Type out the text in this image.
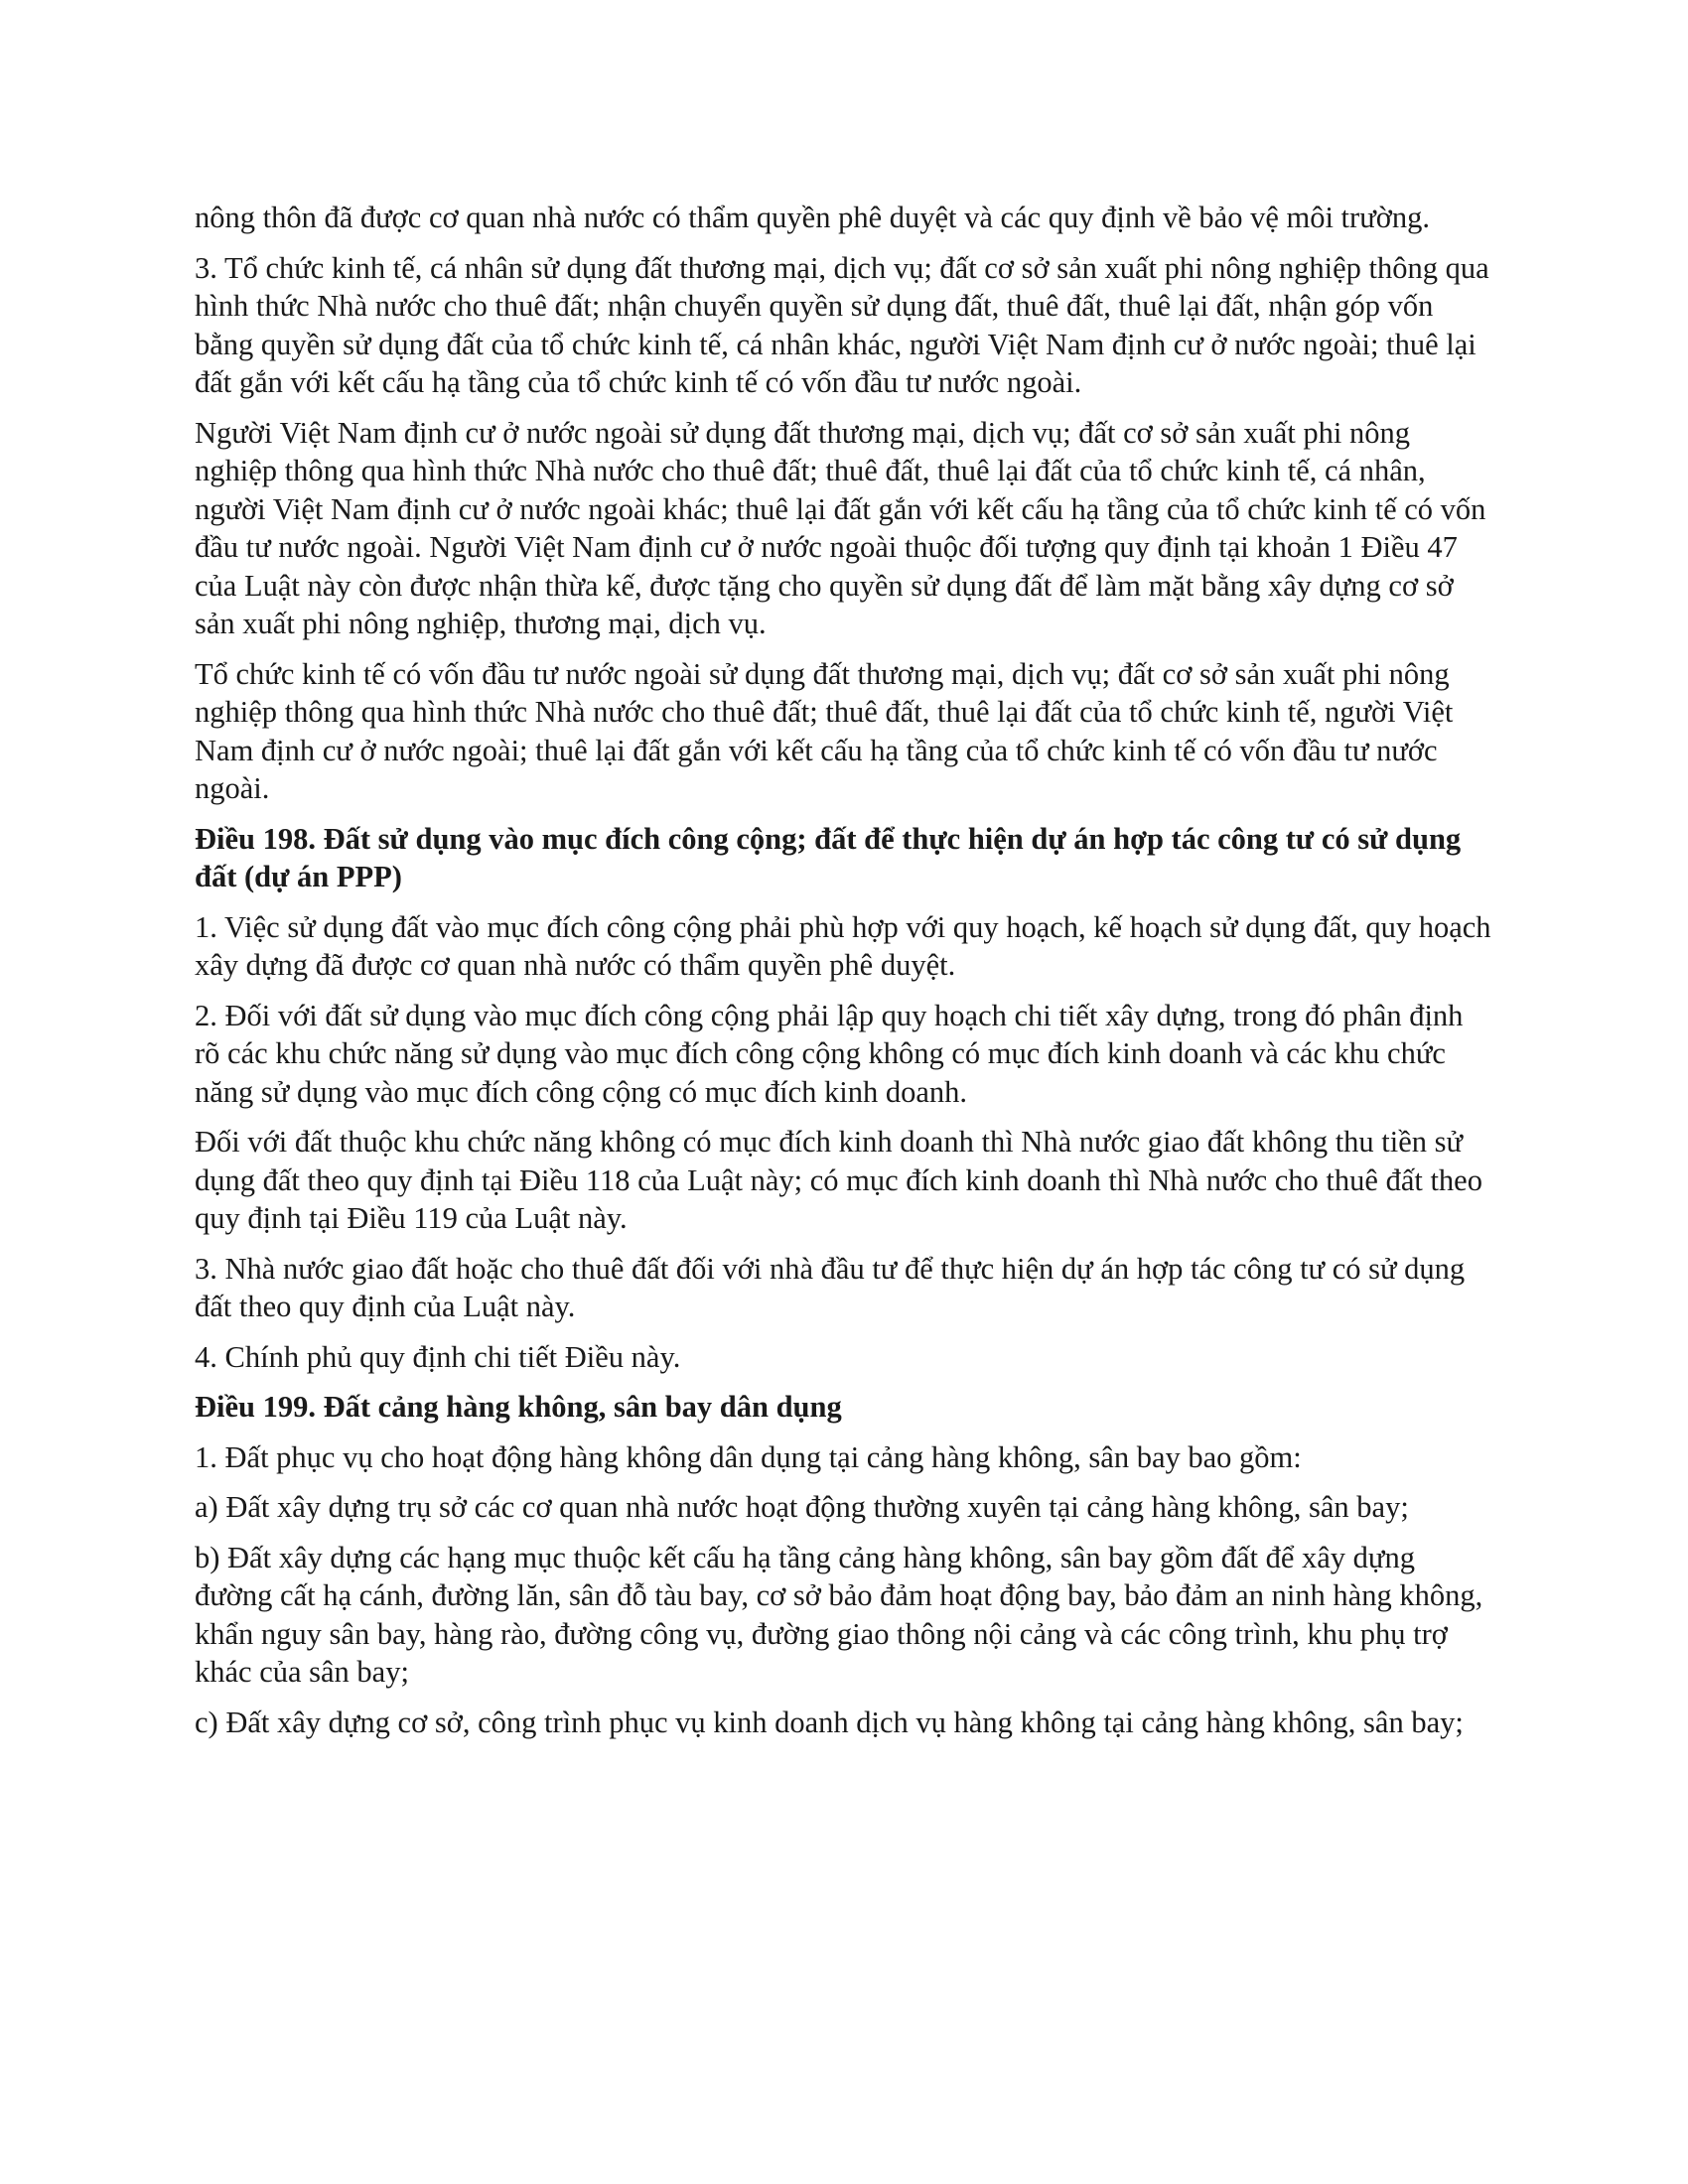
nông thôn đã được cơ quan nhà nước có thẩm quyền phê duyệt và các quy định về bảo vệ môi trường.

3. Tổ chức kinh tế, cá nhân sử dụng đất thương mại, dịch vụ; đất cơ sở sản xuất phi nông nghiệp thông qua hình thức Nhà nước cho thuê đất; nhận chuyển quyền sử dụng đất, thuê đất, thuê lại đất, nhận góp vốn bằng quyền sử dụng đất của tổ chức kinh tế, cá nhân khác, người Việt Nam định cư ở nước ngoài; thuê lại đất gắn với kết cấu hạ tầng của tổ chức kinh tế có vốn đầu tư nước ngoài.

Người Việt Nam định cư ở nước ngoài sử dụng đất thương mại, dịch vụ; đất cơ sở sản xuất phi nông nghiệp thông qua hình thức Nhà nước cho thuê đất; thuê đất, thuê lại đất của tổ chức kinh tế, cá nhân, người Việt Nam định cư ở nước ngoài khác; thuê lại đất gắn với kết cấu hạ tầng của tổ chức kinh tế có vốn đầu tư nước ngoài. Người Việt Nam định cư ở nước ngoài thuộc đối tượng quy định tại khoản 1 Điều 47 của Luật này còn được nhận thừa kế, được tặng cho quyền sử dụng đất để làm mặt bằng xây dựng cơ sở sản xuất phi nông nghiệp, thương mại, dịch vụ.

Tổ chức kinh tế có vốn đầu tư nước ngoài sử dụng đất thương mại, dịch vụ; đất cơ sở sản xuất phi nông nghiệp thông qua hình thức Nhà nước cho thuê đất; thuê đất, thuê lại đất của tổ chức kinh tế, người Việt Nam định cư ở nước ngoài; thuê lại đất gắn với kết cấu hạ tầng của tổ chức kinh tế có vốn đầu tư nước ngoài.

Điều 198. Đất sử dụng vào mục đích công cộng; đất để thực hiện dự án hợp tác công tư có sử dụng đất (dự án PPP)

1. Việc sử dụng đất vào mục đích công cộng phải phù hợp với quy hoạch, kế hoạch sử dụng đất, quy hoạch xây dựng đã được cơ quan nhà nước có thẩm quyền phê duyệt.

2. Đối với đất sử dụng vào mục đích công cộng phải lập quy hoạch chi tiết xây dựng, trong đó phân định rõ các khu chức năng sử dụng vào mục đích công cộng không có mục đích kinh doanh và các khu chức năng sử dụng vào mục đích công cộng có mục đích kinh doanh.

Đối với đất thuộc khu chức năng không có mục đích kinh doanh thì Nhà nước giao đất không thu tiền sử dụng đất theo quy định tại Điều 118 của Luật này; có mục đích kinh doanh thì Nhà nước cho thuê đất theo quy định tại Điều 119 của Luật này.

3. Nhà nước giao đất hoặc cho thuê đất đối với nhà đầu tư để thực hiện dự án hợp tác công tư có sử dụng đất theo quy định của Luật này.

4. Chính phủ quy định chi tiết Điều này.

Điều 199. Đất cảng hàng không, sân bay dân dụng

1. Đất phục vụ cho hoạt động hàng không dân dụng tại cảng hàng không, sân bay bao gồm:

a) Đất xây dựng trụ sở các cơ quan nhà nước hoạt động thường xuyên tại cảng hàng không, sân bay;

b) Đất xây dựng các hạng mục thuộc kết cấu hạ tầng cảng hàng không, sân bay gồm đất để xây dựng đường cất hạ cánh, đường lăn, sân đỗ tàu bay, cơ sở bảo đảm hoạt động bay, bảo đảm an ninh hàng không, khẩn nguy sân bay, hàng rào, đường công vụ, đường giao thông nội cảng và các công trình, khu phụ trợ khác của sân bay;

c) Đất xây dựng cơ sở, công trình phục vụ kinh doanh dịch vụ hàng không tại cảng hàng không, sân bay;
